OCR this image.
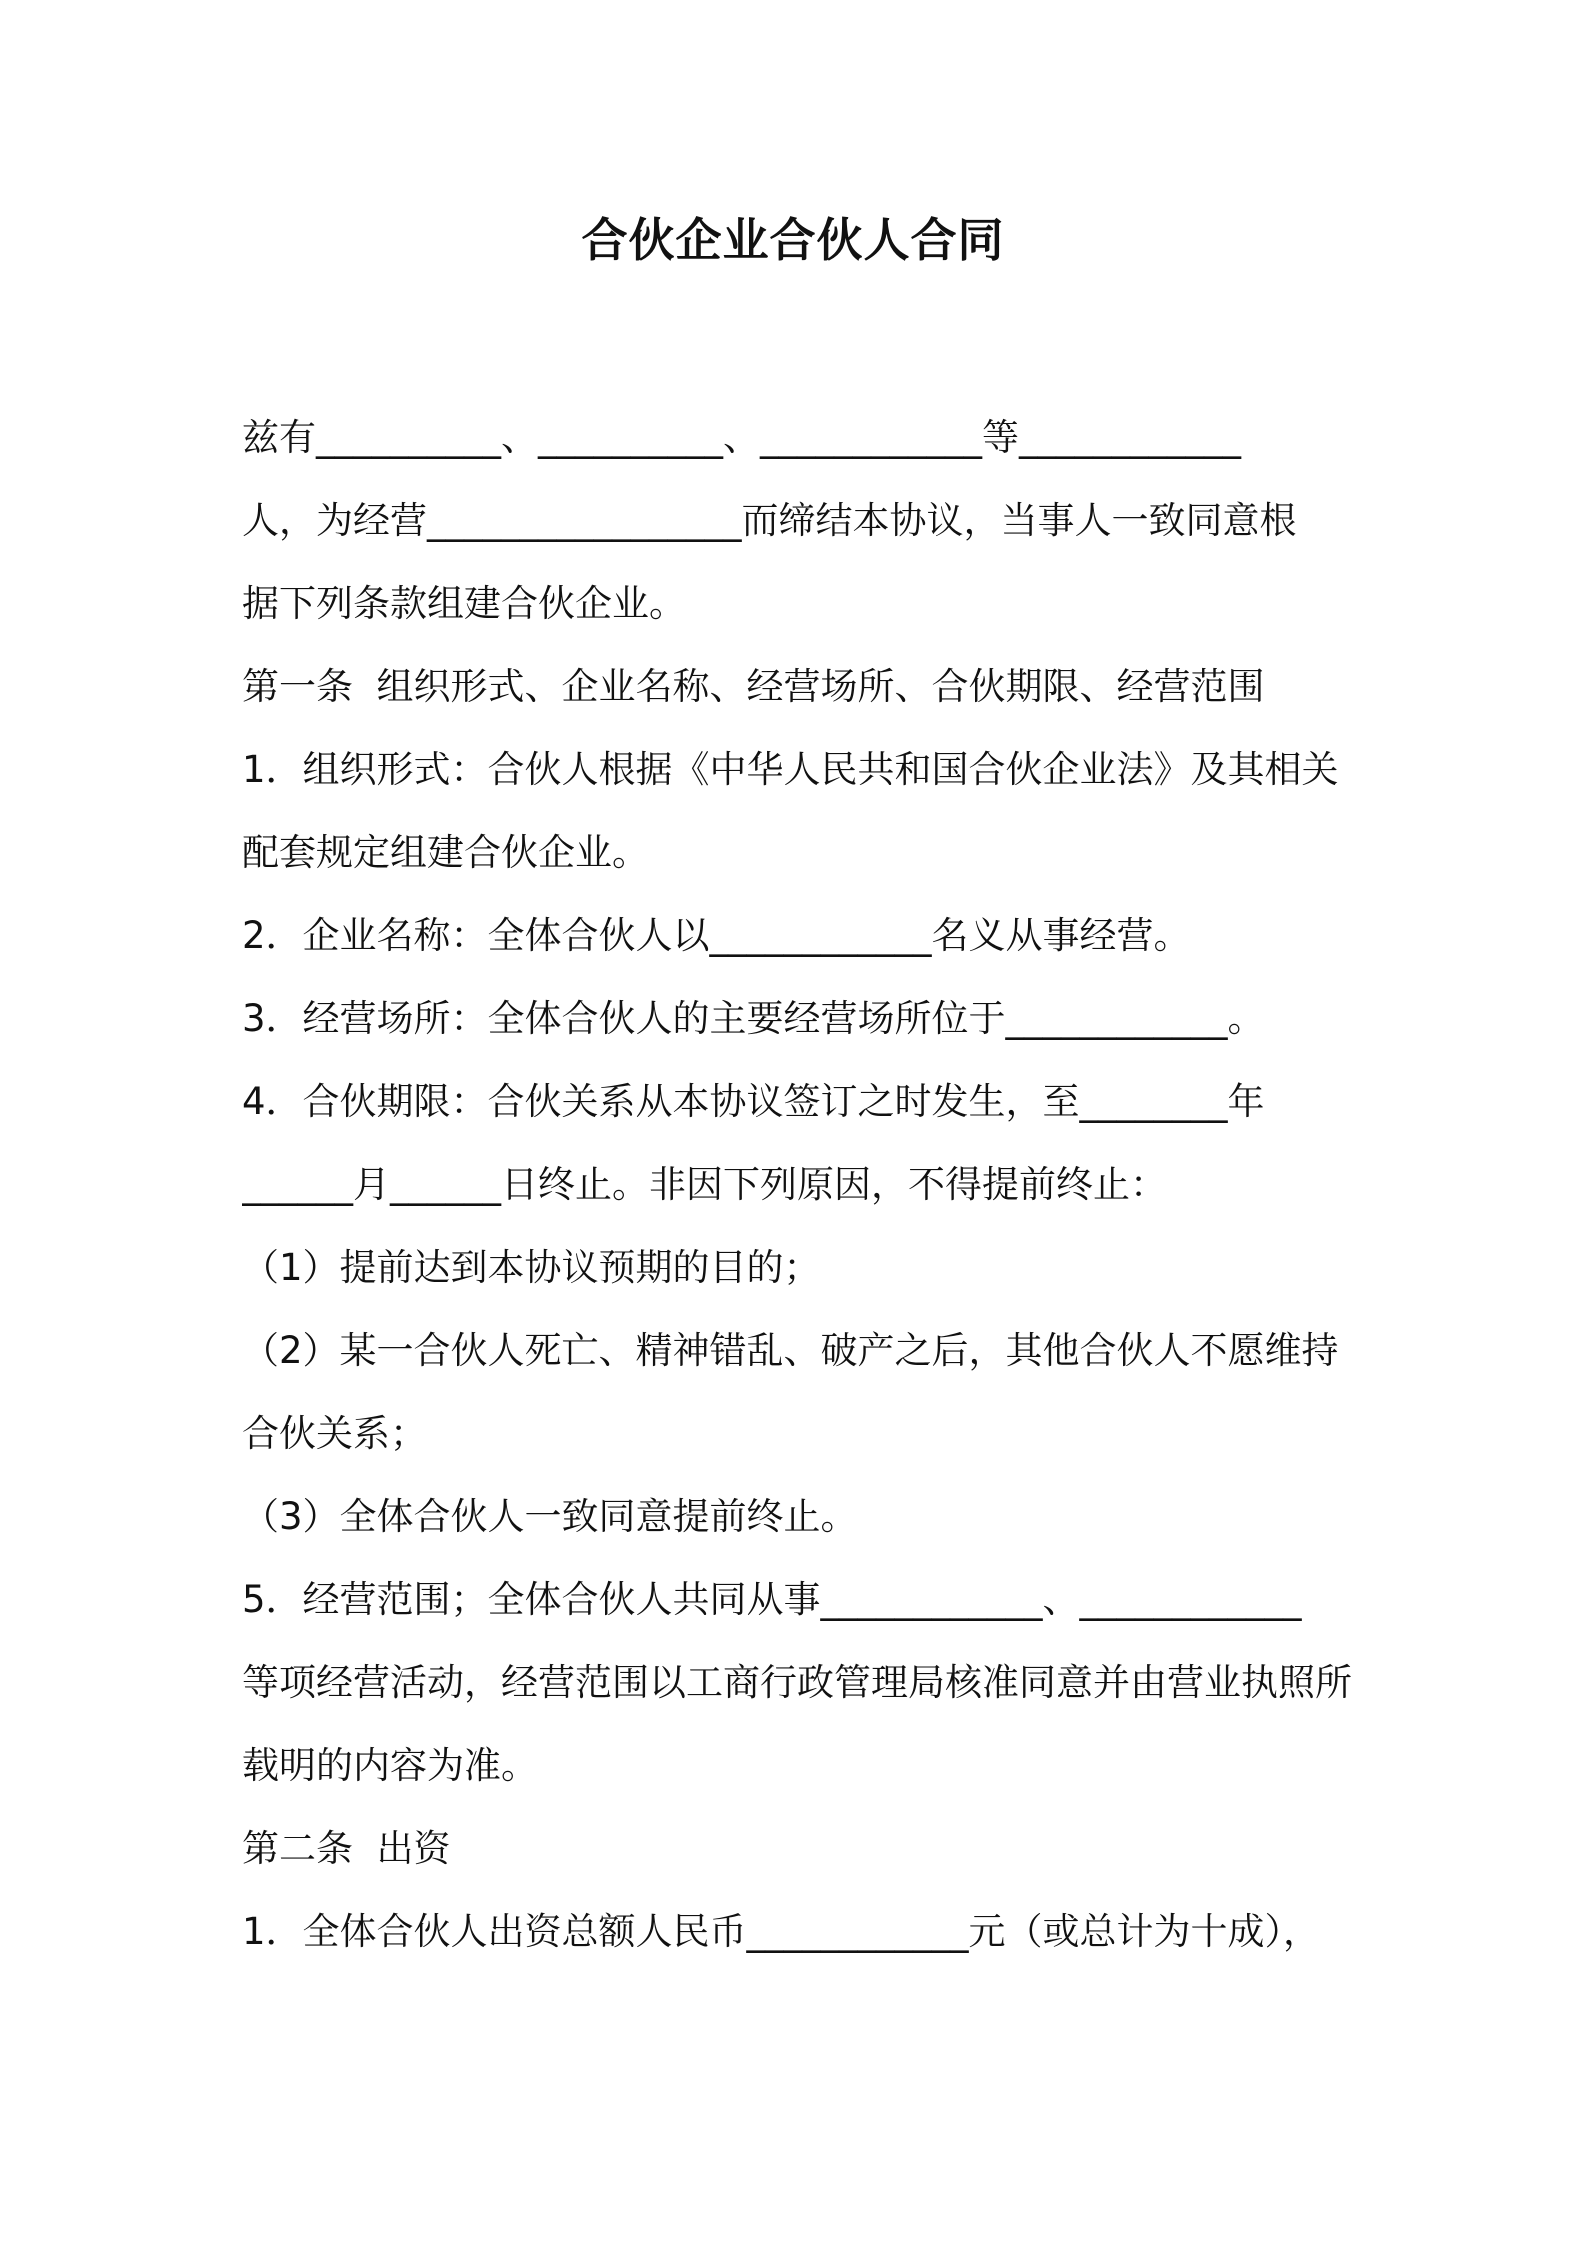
合伙企业合伙人合同
兹有__________、__________、____________等____________
人，为经营_________________而缔结本协议，当事人一致同意根
据下列条款组建合伙企业。
第一条  组织形式、企业名称、经营场所、合伙期限、经营范围
1．组织形式：合伙人根据《中华人民共和国合伙企业法》及其相关
配套规定组建合伙企业。
2．企业名称：全体合伙人以____________名义从事经营。
3．经营场所：全体合伙人的主要经营场所位于____________。
4．合伙期限：合伙关系从本协议签订之时发生，至________年
______月______日终止。非因下列原因，不得提前终止：
（1）提前达到本协议预期的目的；
（2）某一合伙人死亡、精神错乱、破产之后，其他合伙人不愿维持
合伙关系；
（3）全体合伙人一致同意提前终止。
5．经营范围；全体合伙人共同从事____________、____________
等项经营活动，经营范围以工商行政管理局核准同意并由营业执照所
载明的内容为准。
第二条  出资
1．全体合伙人出资总额人民币____________元（或总计为十成），
